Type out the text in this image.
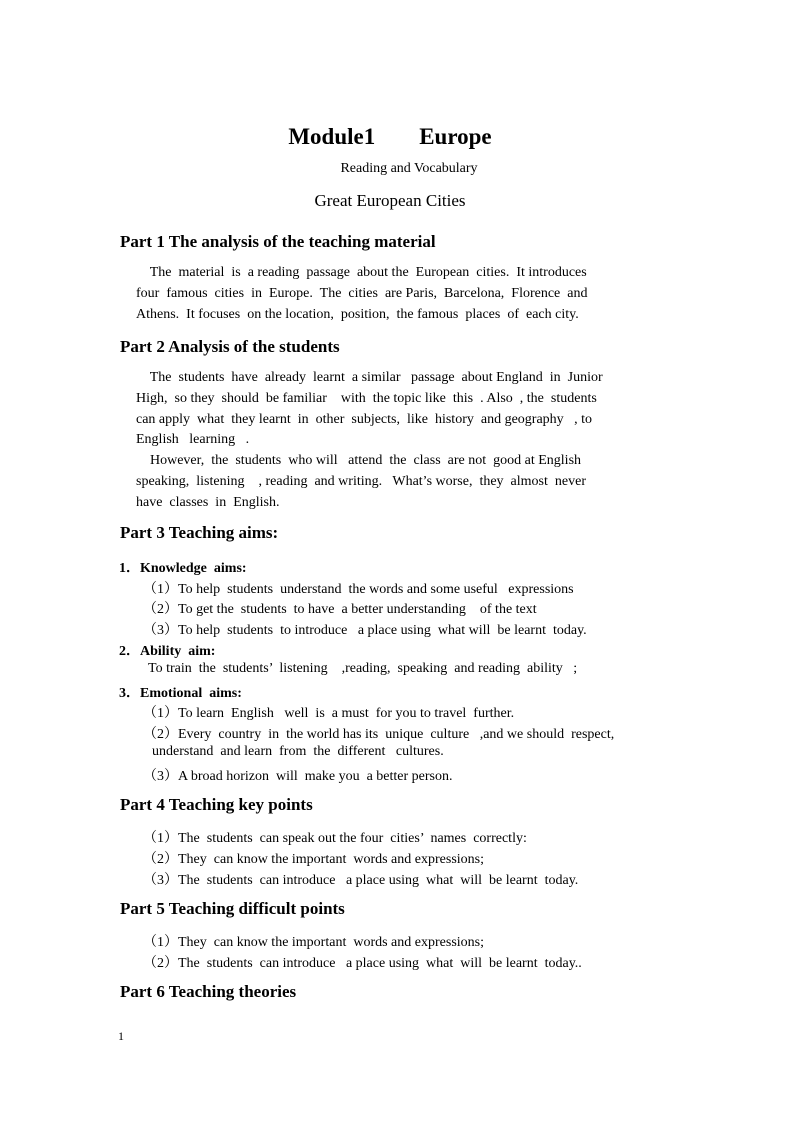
Module1 Europe
Reading and Vocabulary
Great European Cities
Part 1 The analysis of the teaching material
The  material  is  a reading  passage  about the  European  cities.  It introduces
four  famous  cities  in  Europe.  The  cities  are Paris,  Barcelona,  Florence  and
Athens.  It focuses  on the location,  position,  the famous  places  of  each city.
Part 2 Analysis of the students
The  students  have  already  learnt  a similar   passage  about England  in  Junior
High,  so they  should  be familiar    with  the topic like  this  . Also  , the  students
can apply  what  they learnt  in  other  subjects,  like  history  and geography   , to
English   learning   .
However,  the  students  who will   attend  the  class  are not  good at English
speaking,  listening    , reading  and writing.   What’s worse,  they  almost  never
have  classes  in  English.
Part 3 Teaching aims:
1．Knowledge  aims:
（1）To help  students  understand  the words and some useful   expressions
（2）To get the  students  to have  a better understanding    of the text
（3）To help  students  to introduce   a place using  what will  be learnt  today.
2．Ability  aim:
To train  the  students’  listening    ,reading,  speaking  and reading  ability   ;
3．Emotional  aims:
（1）To learn  English   well  is  a must  for you to travel  further.
（2）Every  country  in  the world has its  unique  culture   ,and we should  respect,
understand  and learn  from  the  different   cultures.
（3）A broad horizon  will  make you  a better person.
Part 4 Teaching key points
（1）The  students  can speak out the four  cities’  names  correctly:
（2）They  can know the important  words and expressions;
（3）The  students  can introduce   a place using  what  will  be learnt  today.
Part 5 Teaching difficult points
（1）They  can know the important  words and expressions;
（2）The  students  can introduce   a place using  what  will  be learnt  today..
Part 6 Teaching theories
1
